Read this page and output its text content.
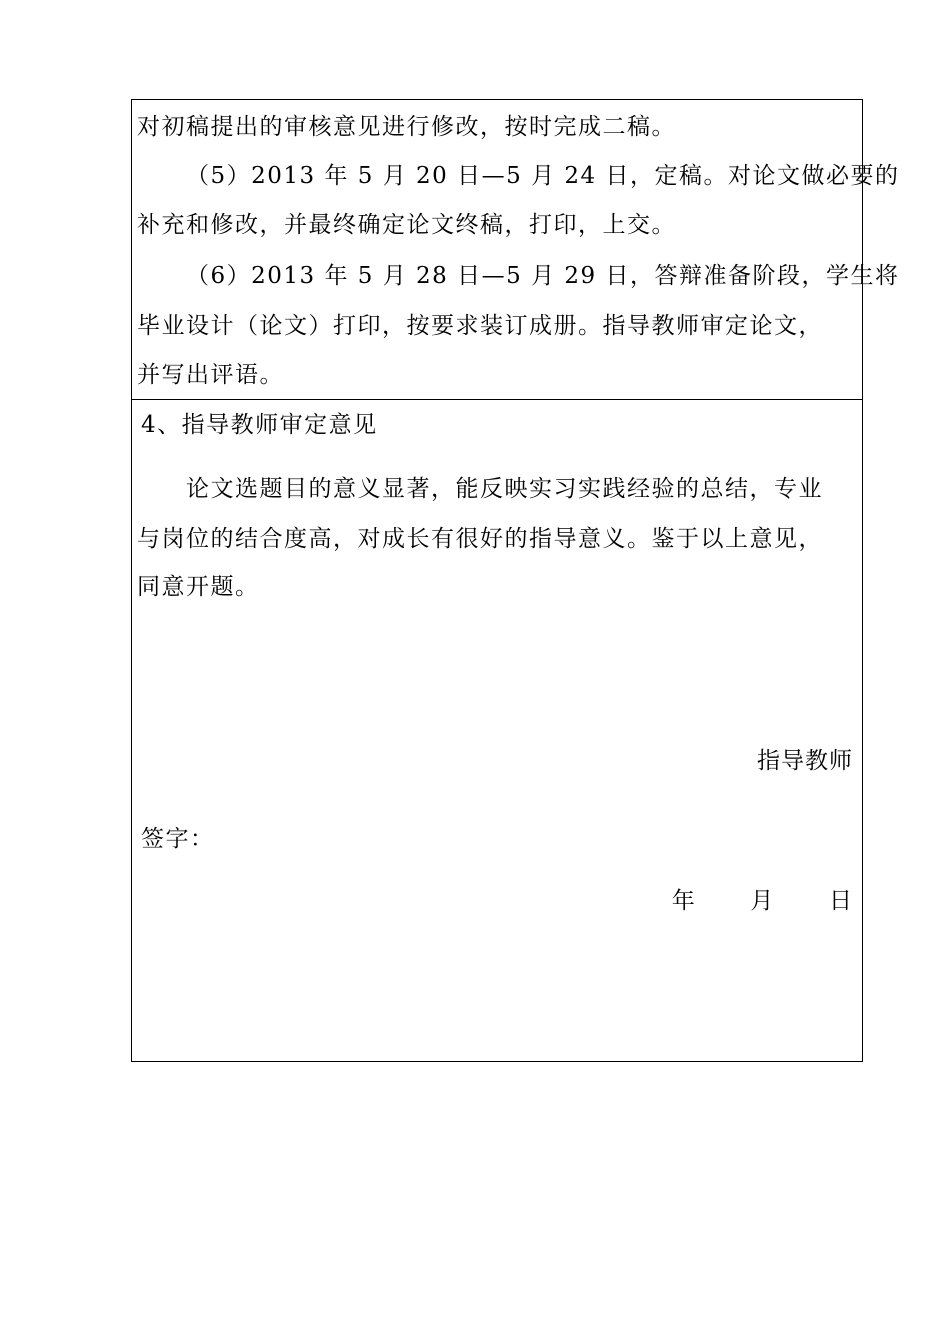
对初稿提出的审核意见进行修改，按时完成二稿。
（5）2013 年 5 月 20 日—5 月 24 日，定稿。对论文做必要的
补充和修改，并最终确定论文终稿，打印，上交。
（6）2013 年 5 月 28 日—5 月 29 日，答辩准备阶段，学生将
毕业设计（论文）打印，按要求装订成册。指导教师审定论文，
并写出评语。
4、指导教师审定意见
论文选题目的意义显著，能反映实习实践经验的总结，专业
与岗位的结合度高，对成长有很好的指导意义。鉴于以上意见，
同意开题。
指导教师
签字：
年 月 日
